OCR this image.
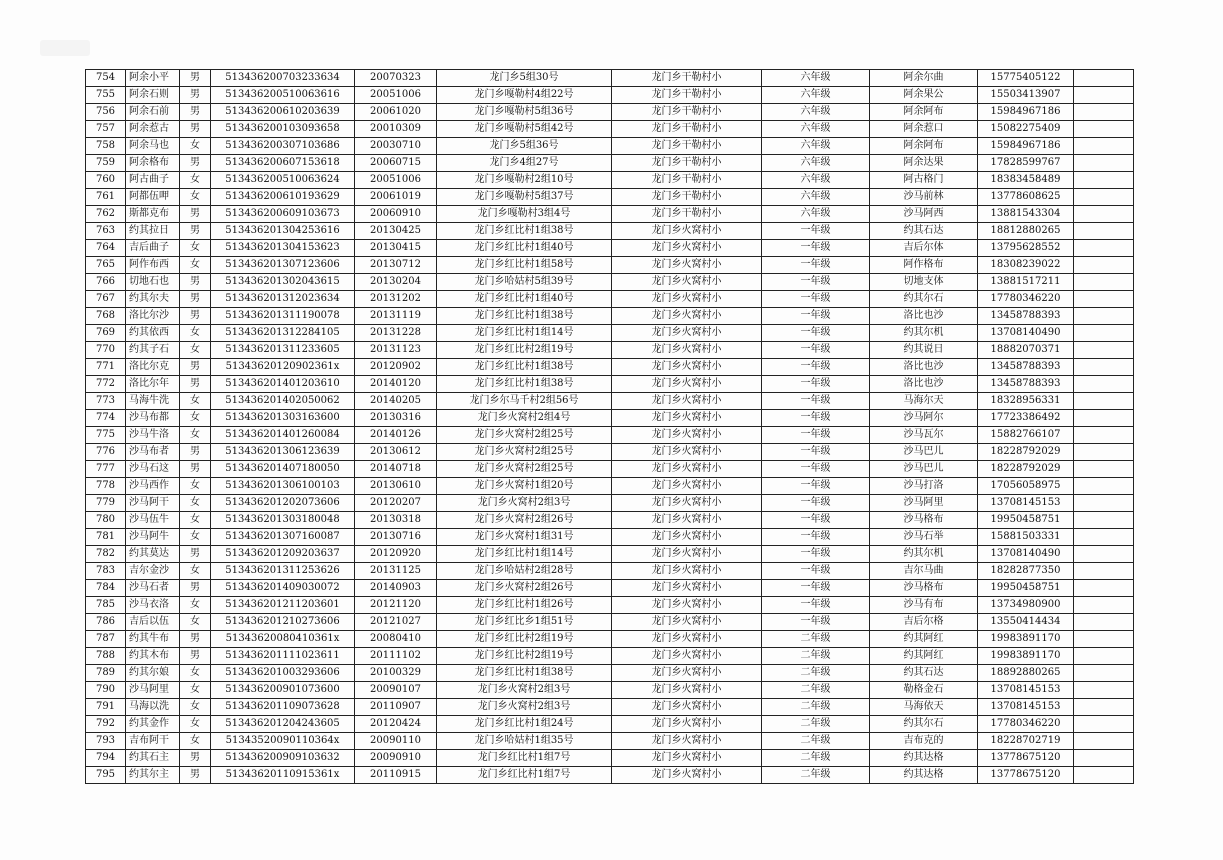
754	阿余小平	男	513436200703233634	20070323	龙门乡5组30号	龙门乡干勒村小	六年级	阿余尔曲	15775405122	
755	阿余石则	男	513436200510063616	20051006	龙门乡嘎勒村4组22号	龙门乡干勒村小	六年级	阿余果公	15503413907	
756	阿余石前	男	513436200610203639	20061020	龙门乡嘎勒村5组36号	龙门乡干勒村小	六年级	阿余阿布	15984967186	
757	阿余惹古	男	513436200103093658	20010309	龙门乡嘎勒村5组42号	龙门乡干勒村小	六年级	阿余惹口	15082275409	
758	阿余马也	女	513436200307103686	20030710	龙门乡5组36号	龙门乡干勒村小	六年级	阿余阿布	15984967186	
759	阿余格布	男	513436200607153618	20060715	龙门乡4组27号	龙门乡干勒村小	六年级	阿余达果	17828599767	
760	阿古曲子	女	513436200510063624	20051006	龙门乡嘎勒村2组10号	龙门乡干勒村小	六年级	阿古格门	18383458489	
761	阿都伍呷	女	513436200610193629	20061019	龙门乡嘎勒村5组37号	龙门乡干勒村小	六年级	沙马前林	13778608625	
762	斯都克布	男	513436200609103673	20060910	龙门乡嘎勒村3组4号	龙门乡干勒村小	六年级	沙马阿西	13881543304	
763	约其拉日	男	513436201304253616	20130425	龙门乡红比村1组38号	龙门乡火窝村小	一年级	约其石达	18812880265	
764	吉后曲子	女	513436201304153623	20130415	龙门乡红比村1组40号	龙门乡火窝村小	一年级	吉后尔体	13795628552	
765	阿作布西	女	513436201307123606	20130712	龙门乡红比村1组58号	龙门乡火窝村小	一年级	阿作格布	18308239022	
766	切地石也	男	513436201302043615	20130204	龙门乡哈姑村5组39号	龙门乡火窝村小	一年级	切地支体	13881517211	
767	约其尔夫	男	513436201312023634	20131202	龙门乡红比村1组40号	龙门乡火窝村小	一年级	约其尔石	17780346220	
768	洛比尔沙	男	513436201311190078	20131119	龙门乡红比村1组38号	龙门乡火窝村小	一年级	洛比也沙	13458788393	
769	约其依西	女	513436201312284105	20131228	龙门乡红比村1组14号	龙门乡火窝村小	一年级	约其尔机	13708140490	
770	约其子石	女	513436201311233605	20131123	龙门乡红比村2组19号	龙门乡火窝村小	一年级	约其说日	18882070371	
771	洛比尔克	男	51343620120902361x	20120902	龙门乡红比村1组38号	龙门乡火窝村小	一年级	洛比也沙	13458788393	
772	洛比尔年	男	513436201401203610	20140120	龙门乡红比村1组38号	龙门乡火窝村小	一年级	洛比也沙	13458788393	
773	马海牛洗	女	513436201402050062	20140205	龙门乡尔马千村2组56号	龙门乡火窝村小	一年级	马海尔天	18328956331	
774	沙马布都	女	513436201303163600	20130316	龙门乡火窝村2组4号	龙门乡火窝村小	一年级	沙马阿尔	17723386492	
775	沙马牛洛	女	513436201401260084	20140126	龙门乡火窝村2组25号	龙门乡火窝村小	一年级	沙马瓦尔	15882766107	
776	沙马布者	男	513436201306123639	20130612	龙门乡火窝村2组25号	龙门乡火窝村小	一年级	沙马巴儿	18228792029	
777	沙马石这	男	513436201407180050	20140718	龙门乡火窝村2组25号	龙门乡火窝村小	一年级	沙马巴儿	18228792029	
778	沙马西作	女	513436201306100103	20130610	龙门乡火窝村1组20号	龙门乡火窝村小	一年级	沙马打洛	17056058975	
779	沙马阿干	女	513436201202073606	20120207	龙门乡火窝村2组3号	龙门乡火窝村小	一年级	沙马阿里	13708145153	
780	沙马伍牛	女	513436201303180048	20130318	龙门乡火窝村2组26号	龙门乡火窝村小	一年级	沙马格布	19950458751	
781	沙马阿牛	女	513436201307160087	20130716	龙门乡火窝村1组31号	龙门乡火窝村小	一年级	沙马石举	15881503331	
782	约其莫达	男	513436201209203637	20120920	龙门乡红比村1组14号	龙门乡火窝村小	一年级	约其尔机	13708140490	
783	吉尔金沙	女	513436201311253626	20131125	龙门乡哈姑村2组28号	龙门乡火窝村小	一年级	吉尔马曲	18282877350	
784	沙马石者	男	513436201409030072	20140903	龙门乡火窝村2组26号	龙门乡火窝村小	一年级	沙马格布	19950458751	
785	沙马衣洛	女	513436201211203601	20121120	龙门乡红比村1组26号	龙门乡火窝村小	一年级	沙马有布	13734980900	
786	吉后以伍	女	513436201210273606	20121027	龙门乡红比乡1组51号	龙门乡火窝村小	一年级	吉后尔格	13550414434	
787	约其牛布	男	51343620080410361x	20080410	龙门乡红比村2组19号	龙门乡火窝村小	二年级	约其阿红	19983891170	
788	约其木布	男	513436201111023611	20111102	龙门乡红比村2组19号	龙门乡火窝村小	二年级	约其阿红	19983891170	
789	约其尔娘	女	513436201003293606	20100329	龙门乡红比村1组38号	龙门乡火窝村小	二年级	约其石达	18892880265	
790	沙马阿里	女	513436200901073600	20090107	龙门乡火窝村2组3号	龙门乡火窝村小	二年级	勒格金石	13708145153	
791	马海以洗	女	513436201109073628	20110907	龙门乡火窝村2组3号	龙门乡火窝村小	二年级	马海依天	13708145153	
792	约其金作	女	513436201204243605	20120424	龙门乡红比村1组24号	龙门乡火窝村小	二年级	约其尔石	17780346220	
793	吉布阿干	女	51343520090110364x	20090110	龙门乡哈姑村1组35号	龙门乡火窝村小	二年级	吉布克的	18228702719	
794	约其石主	男	513436200909103632	20090910	龙门乡红比村1组7号	龙门乡火窝村小	二年级	约其达格	13778675120	
795	约其尔主	男	51343620110915361x	20110915	龙门乡红比村1组7号	龙门乡火窝村小	二年级	约其达格	13778675120	
